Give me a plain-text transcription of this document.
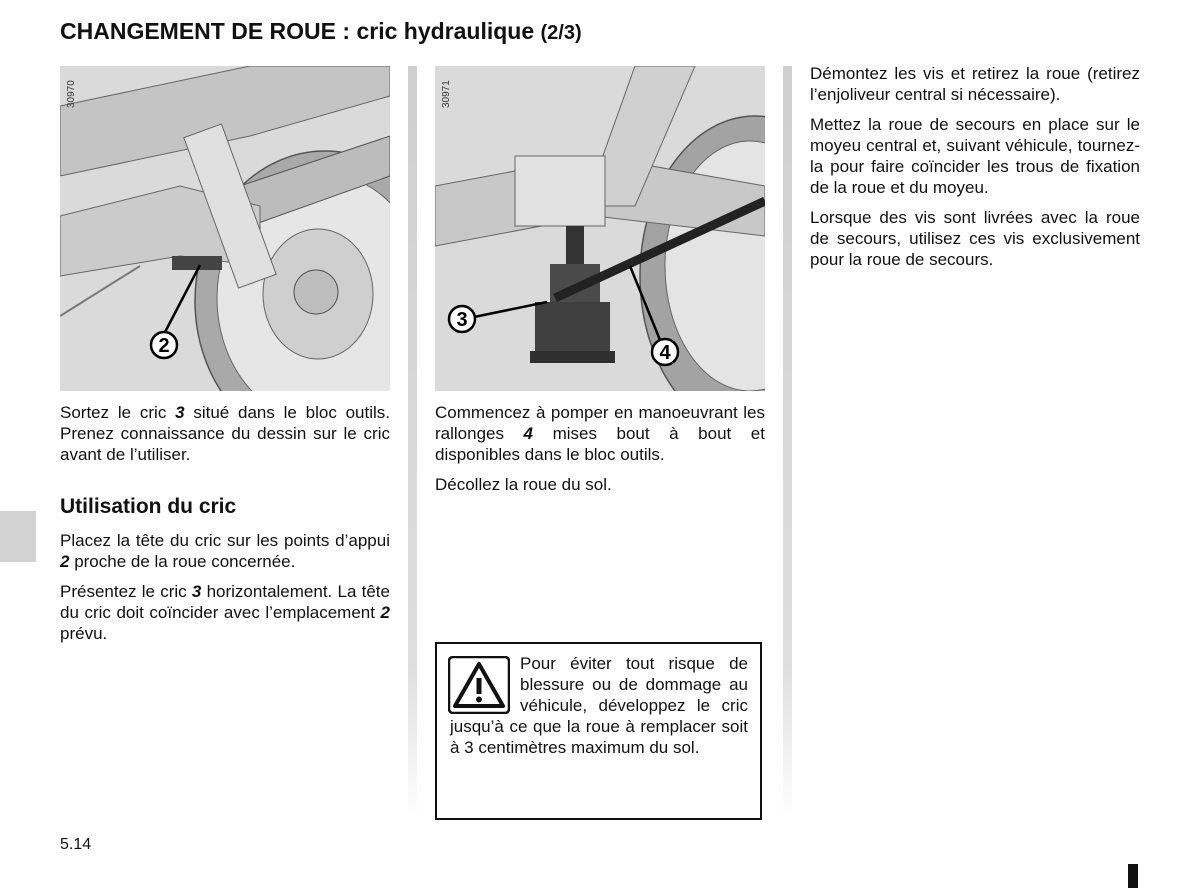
CHANGEMENT DE ROUE : cric hydraulique (2/3)
30970
2
30971
3
4

Sortez le cric 3 situé dans le bloc outils. Prenez connaissance du dessin sur le cric avant de l’utiliser.

Utilisation du cric

Placez la tête du cric sur les points d’appui 2 proche de la roue concernée.

Présentez le cric 3 horizontalement. La tête du cric doit coïncider avec l’emplacement 2 prévu.

Commencez à pomper en manoeuvrant les rallonges 4 mises bout à bout et disponibles dans le bloc outils.

Décollez la roue du sol.

Pour éviter tout risque de blessure ou de dommage au véhicule, développez le cric jusqu’à ce que la roue à remplacer soit à 3 centimètres maximum du sol.

Démontez les vis et retirez la roue (retirez l’enjoliveur central si nécessaire).

Mettez la roue de secours en place sur le moyeu central et, suivant véhicule, tournez-la pour faire coïncider les trous de fixation de la roue et du moyeu.

Lorsque des vis sont livrées avec la roue de secours, utilisez ces vis exclusivement pour la roue de secours.

5.14
